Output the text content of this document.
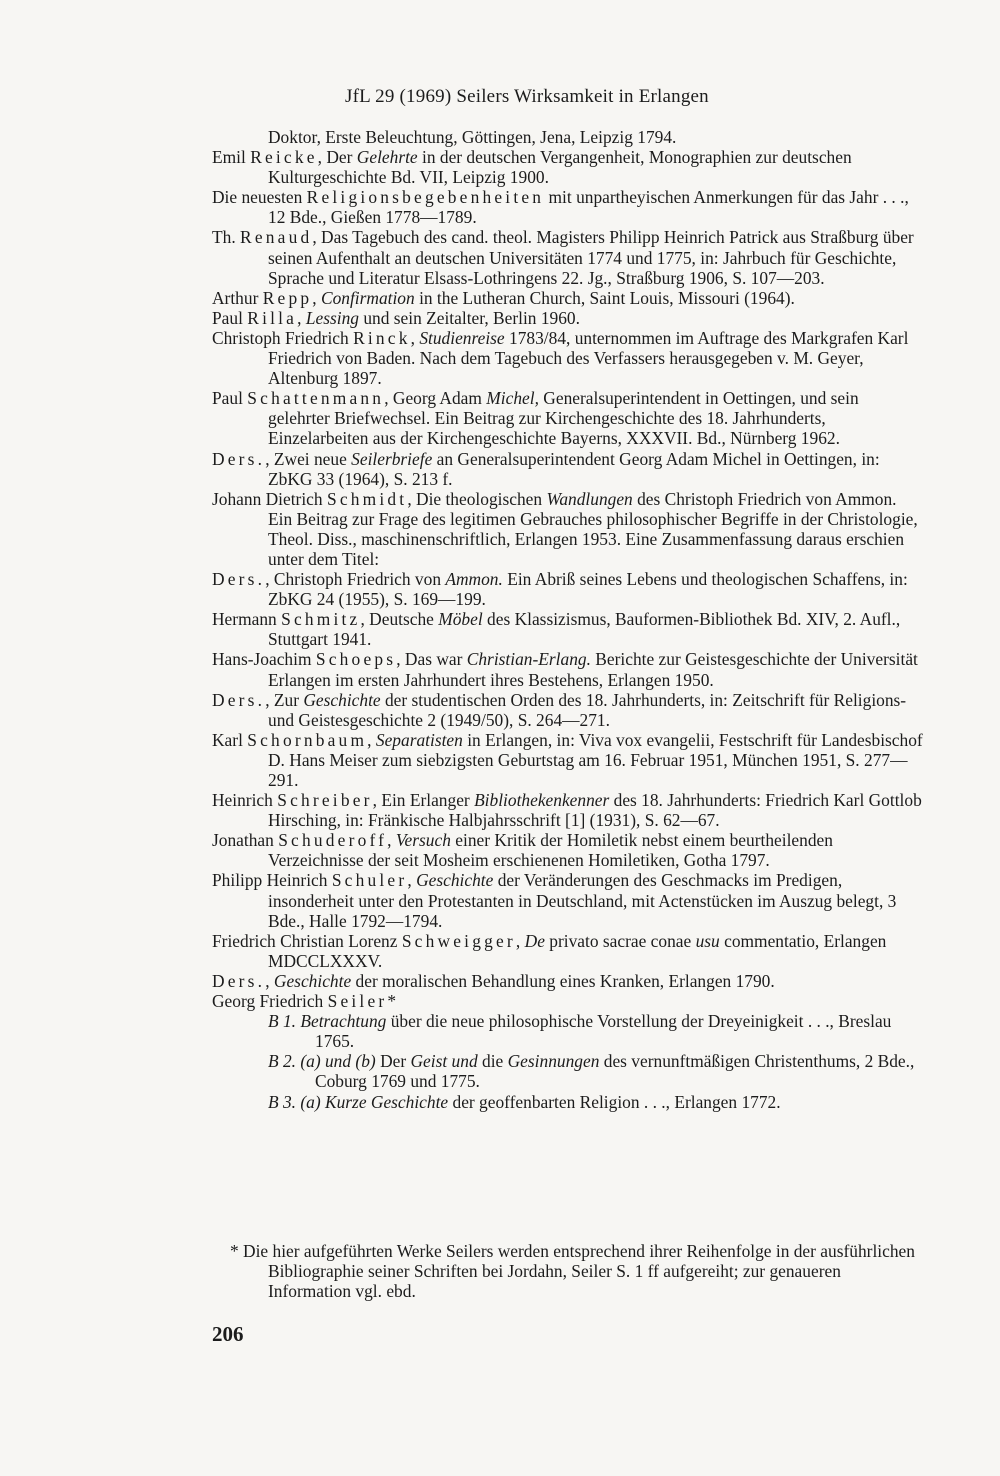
JfL 29 (1969) Seilers Wirksamkeit in Erlangen

Doktor, Erste Beleuchtung, Göttingen, Jena, Leipzig 1794.

Emil Reicke, Der Gelehrte in der deutschen Vergangenheit, Monographien zur deutschen Kulturgeschichte Bd. VII, Leipzig 1900.

Die neuesten Religionsbegebenheiten mit unpartheyischen Anmerkungen für das Jahr . . ., 12 Bde., Gießen 1778—1789.

Th. Renaud, Das Tagebuch des cand. theol. Magisters Philipp Heinrich Patrick aus Straßburg über seinen Aufenthalt an deutschen Universitäten 1774 und 1775, in: Jahrbuch für Geschichte, Sprache und Literatur Elsass-Lothringens 22. Jg., Straßburg 1906, S. 107—203.

Arthur Repp, Confirmation in the Lutheran Church, Saint Louis, Missouri (1964).

Paul Rilla, Lessing und sein Zeitalter, Berlin 1960.

Christoph Friedrich Rinck, Studienreise 1783/84, unternommen im Auftrage des Markgrafen Karl Friedrich von Baden. Nach dem Tagebuch des Verfassers herausgegeben v. M. Geyer, Altenburg 1897.

Paul Schattenmann, Georg Adam Michel, Generalsuperintendent in Oettingen, und sein gelehrter Briefwechsel. Ein Beitrag zur Kirchengeschichte des 18. Jahrhunderts, Einzelarbeiten aus der Kirchengeschichte Bayerns, XXXVII. Bd., Nürnberg 1962.

Ders., Zwei neue Seilerbriefe an Generalsuperintendent Georg Adam Michel in Oettingen, in: ZbKG 33 (1964), S. 213 f.

Johann Dietrich Schmidt, Die theologischen Wandlungen des Christoph Friedrich von Ammon. Ein Beitrag zur Frage des legitimen Gebrauches philosophischer Begriffe in der Christologie, Theol. Diss., maschinenschriftlich, Erlangen 1953. Eine Zusammenfassung daraus erschien unter dem Titel:

Ders., Christoph Friedrich von Ammon. Ein Abriß seines Lebens und theologischen Schaffens, in: ZbKG 24 (1955), S. 169—199.

Hermann Schmitz, Deutsche Möbel des Klassizismus, Bauformen-Bibliothek Bd. XIV, 2. Aufl., Stuttgart 1941.

Hans-Joachim Schoeps, Das war Christian-Erlang. Berichte zur Geistesgeschichte der Universität Erlangen im ersten Jahrhundert ihres Bestehens, Erlangen 1950.

Ders., Zur Geschichte der studentischen Orden des 18. Jahrhunderts, in: Zeitschrift für Religions- und Geistesgeschichte 2 (1949/50), S. 264—271.

Karl Schornbaum, Separatisten in Erlangen, in: Viva vox evangelii, Festschrift für Landesbischof D. Hans Meiser zum siebzigsten Geburtstag am 16. Februar 1951, München 1951, S. 277—291.

Heinrich Schreiber, Ein Erlanger Bibliothekenkenner des 18. Jahrhunderts: Friedrich Karl Gottlob Hirsching, in: Fränkische Halbjahrsschrift [1] (1931), S. 62—67.

Jonathan Schuderoff, Versuch einer Kritik der Homiletik nebst einem beurtheilenden Verzeichnisse der seit Mosheim erschienenen Homiletiken, Gotha 1797.

Philipp Heinrich Schuler, Geschichte der Veränderungen des Geschmacks im Predigen, insonderheit unter den Protestanten in Deutschland, mit Actenstücken im Auszug belegt, 3 Bde., Halle 1792—1794.

Friedrich Christian Lorenz Schweigger, De privato sacrae conae usu commentatio, Erlangen MDCCLXXXV.

Ders., Geschichte der moralischen Behandlung eines Kranken, Erlangen 1790.

Georg Friedrich Seiler*

B 1. Betrachtung über die neue philosophische Vorstellung der Dreyeinigkeit . . ., Breslau 1765.

B 2. (a) und (b) Der Geist und die Gesinnungen des vernunftmäßigen Christenthums, 2 Bde., Coburg 1769 und 1775.

B 3. (a) Kurze Geschichte der geoffenbarten Religion . . ., Erlangen 1772.

* Die hier aufgeführten Werke Seilers werden entsprechend ihrer Reihenfolge in der ausführlichen Bibliographie seiner Schriften bei Jordahn, Seiler S. 1 ff aufgereiht; zur genaueren Information vgl. ebd.
206
